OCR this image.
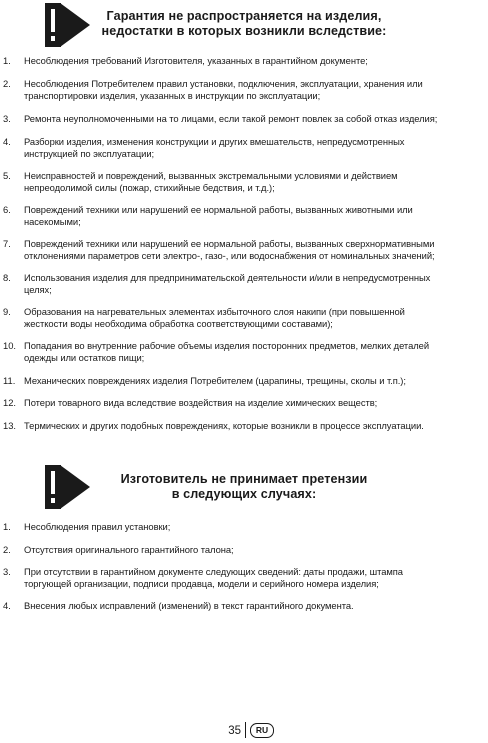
Гарантия не распространяется на изделия,
недостатки в которых возникли вследствие:
1. Несоблюдения требований Изготовителя, указанных в гарантийном документе;
2. Несоблюдения Потребителем правил установки, подключения, эксплуатации, хранения или
транспортировки изделия, указанных в инструкции по эксплуатации;
3. Ремонта неуполномоченными на то лицами, если такой ремонт повлек за собой отказ изделия;
4. Разборки изделия, изменения конструкции и других вмешательств, непредусмотренных
инструкцией по эксплуатации;
5. Неисправностей и повреждений, вызванных экстремальными условиями и действием
непреодолимой силы (пожар, стихийные бедствия, и т.д.);
6. Повреждений техники или нарушений ее нормальной работы, вызванных животными или
насекомыми;
7. Повреждений техники или нарушений ее нормальной работы, вызванных сверхнормативными
отклонениями параметров сети электро-, газо-, или водоснабжения от номинальных значений;
8. Использования изделия для предпринимательской деятельности и/или в непредусмотренных
целях;
9. Образования на нагревательных элементах избыточного слоя накипи (при повышенной
жесткости воды необходима обработка соответствующими составами);
10. Попадания во внутренние рабочие объемы изделия посторонних предметов, мелких деталей
одежды или остатков пищи;
11. Механических повреждениях изделия Потребителем (царапины, трещины, сколы и т.п.);
12. Потери товарного вида вследствие воздействия на изделие химических веществ;
13. Термических и других подобных повреждениях, которые возникли в процессе эксплуатации.
Изготовитель не принимает претензии
в следующих случаях:
1. Несоблюдения правил установки;
2. Отсутствия оригинального гарантийного талона;
3. При отсутствии в гарантийном документе следующих сведений: даты продажи, штампа
торгующей организации, подписи продавца, модели и серийного номера изделия;
4. Внесения любых исправлений (изменений) в текст гарантийного документа.
35	RU
